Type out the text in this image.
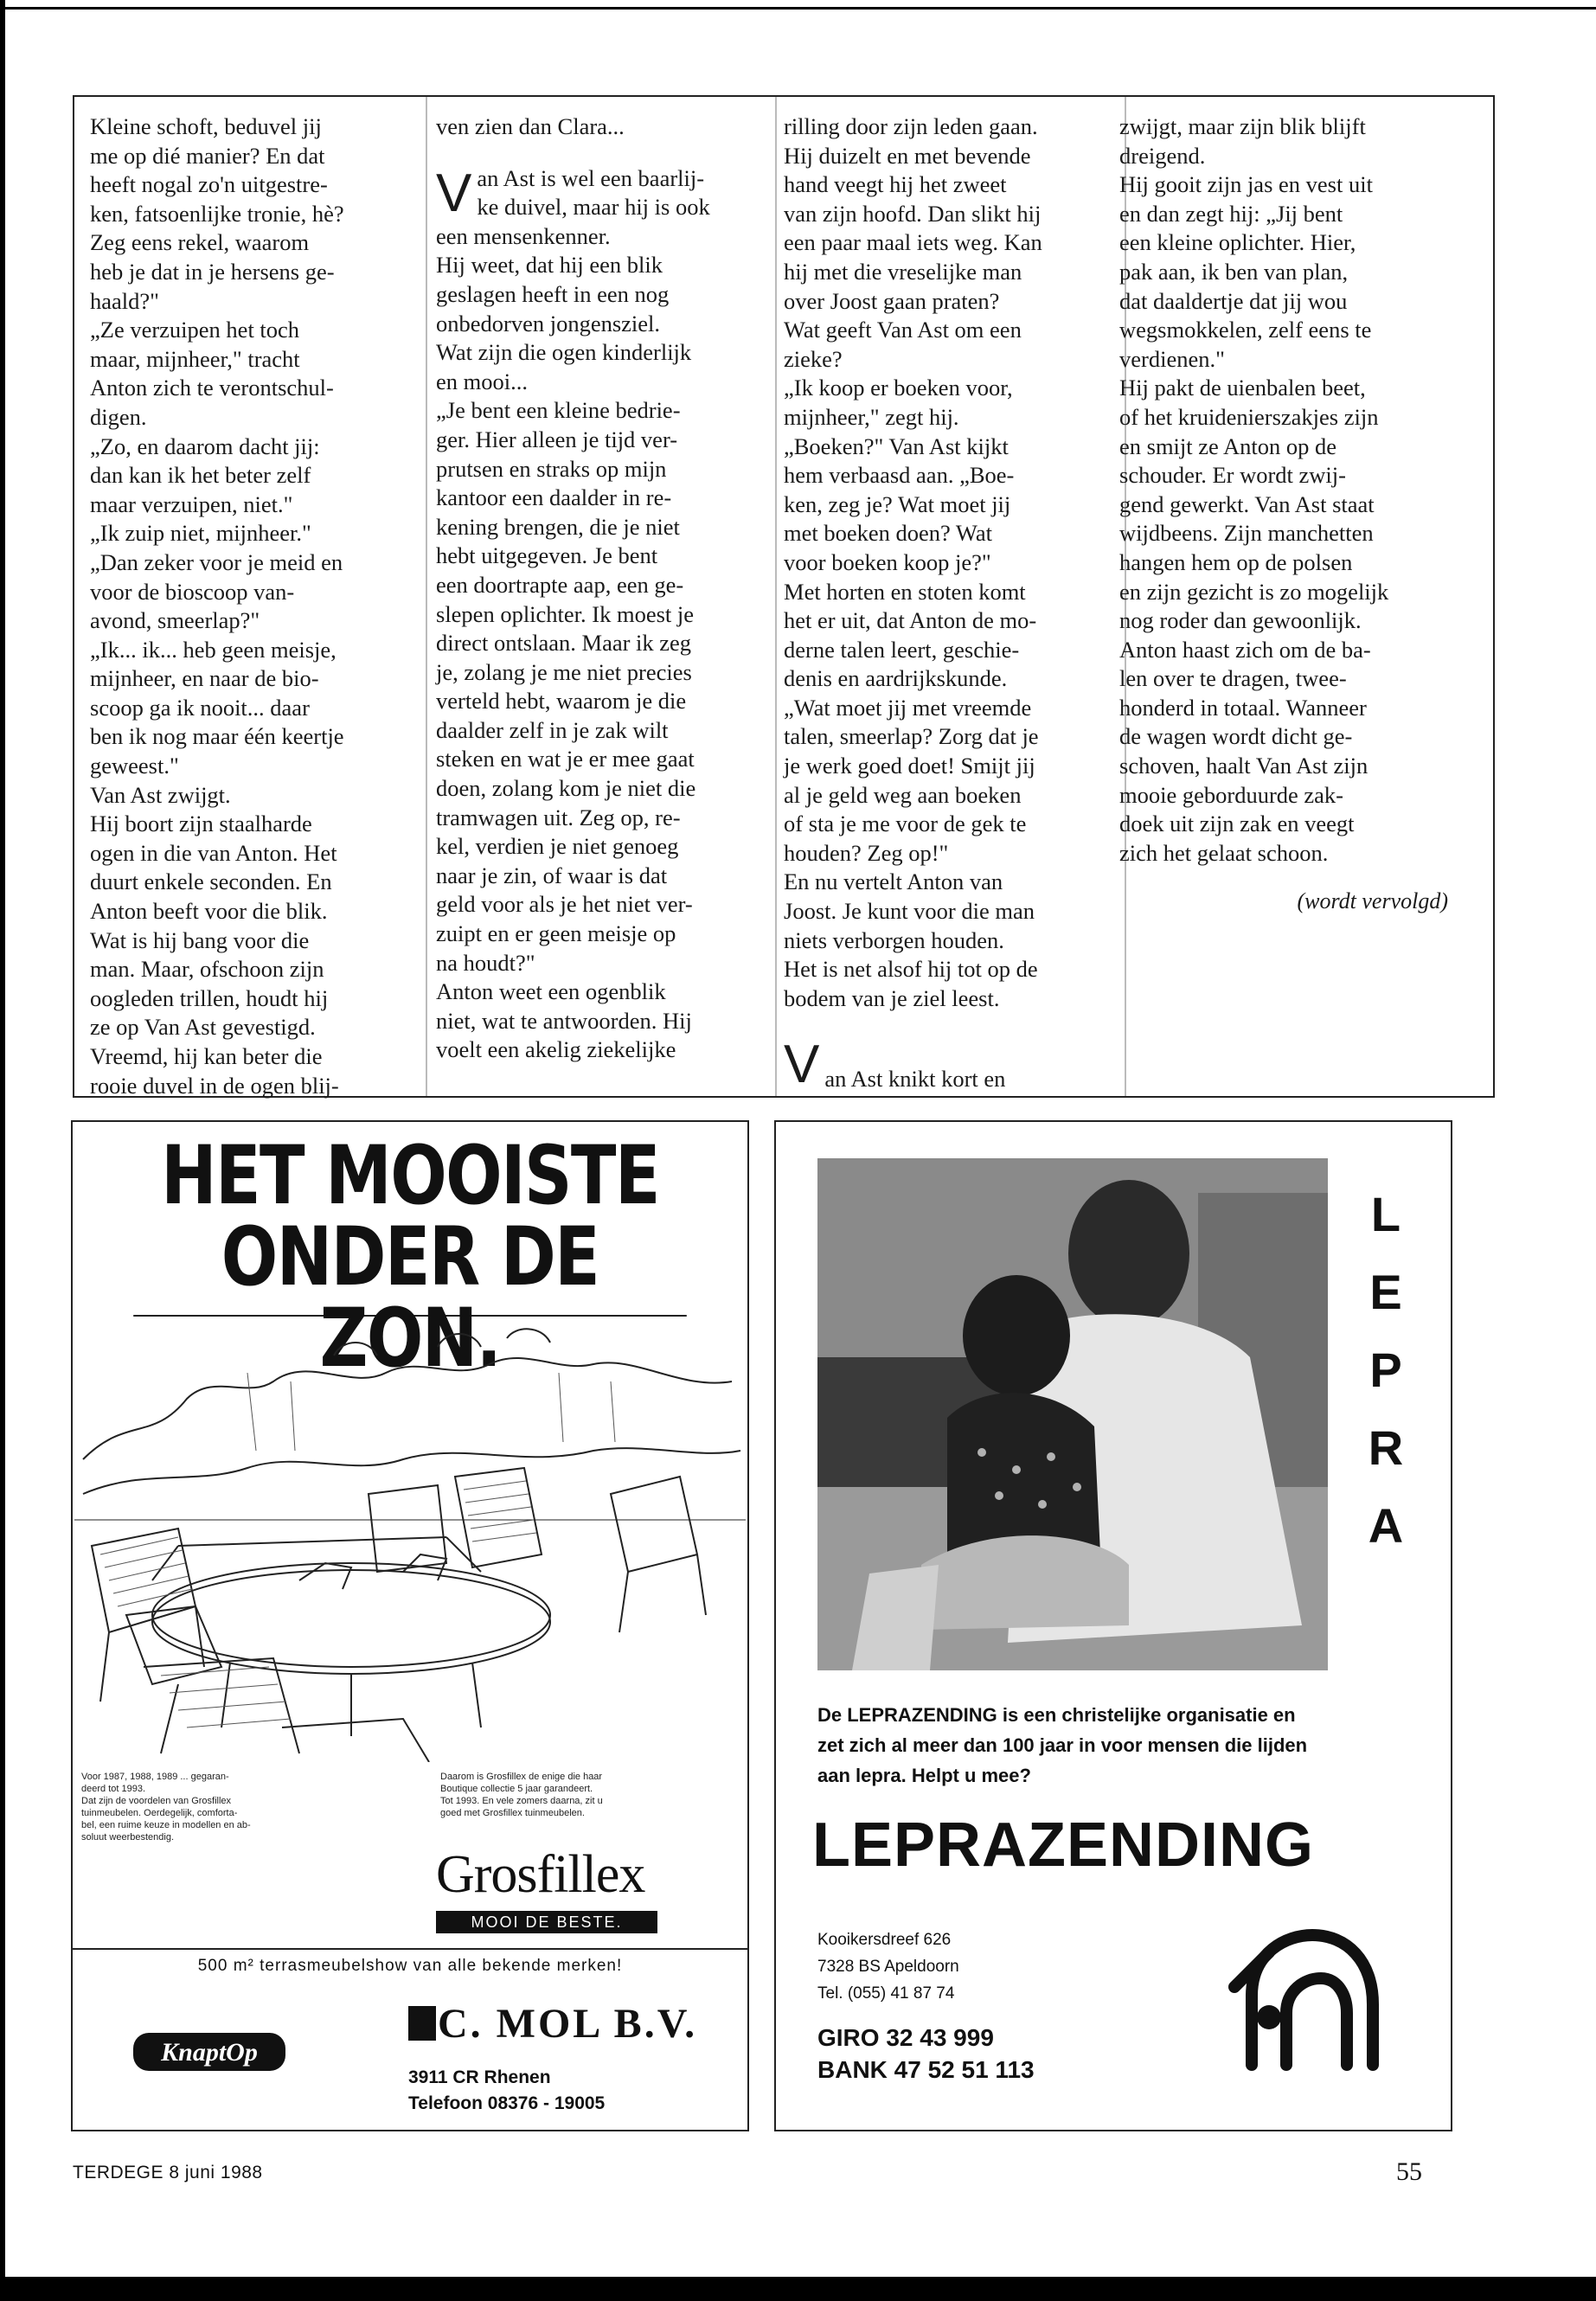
Kleine schoft, beduvel jij

me op dié manier? En dat

heeft nogal zo'n uitgestre-

ken, fatsoenlijke tronie, hè?

Zeg eens rekel, waarom

heb je dat in je hersens ge-

haald?"

„Ze verzuipen het toch

maar, mijnheer," tracht

Anton zich te verontschul-

digen.

„Zo, en daarom dacht jij:

dan kan ik het beter zelf

maar verzuipen, niet."

„Ik zuip niet, mijnheer."

„Dan zeker voor je meid en

voor de bioscoop van-

avond, smeerlap?"

„Ik... ik... heb geen meisje,

mijnheer, en naar de bio-

scoop ga ik nooit... daar

ben ik nog maar één keertje

geweest."

Van Ast zwijgt.

Hij boort zijn staalharde

ogen in die van Anton. Het

duurt enkele seconden. En

Anton beeft voor die blik.

Wat is hij bang voor die

man. Maar, ofschoon zijn

oogleden trillen, houdt hij

ze op Van Ast gevestigd.

Vreemd, hij kan beter die

rooie duvel in de ogen blij-

ven zien dan Clara...

Van Ast is wel een baarlij-
ke duivel, maar hij is ook

een mensenkenner.

Hij weet, dat hij een blik

geslagen heeft in een nog

onbedorven jongensziel.

Wat zijn die ogen kinderlijk

en mooi...

„Je bent een kleine bedrie-

ger. Hier alleen je tijd ver-

prutsen en straks op mijn

kantoor een daalder in re-

kening brengen, die je niet

hebt uitgegeven. Je bent

een doortrapte aap, een ge-

slepen oplichter. Ik moest je

direct ontslaan. Maar ik zeg

je, zolang je me niet precies

verteld hebt, waarom je die

daalder zelf in je zak wilt

steken en wat je er mee gaat

doen, zolang kom je niet die

tramwagen uit. Zeg op, re-

kel, verdien je niet genoeg

naar je zin, of waar is dat

geld voor als je het niet ver-

zuipt en er geen meisje op

na houdt?"

Anton weet een ogenblik

niet, wat te antwoorden. Hij

voelt een akelig ziekelijke

rilling door zijn leden gaan.

Hij duizelt en met bevende

hand veegt hij het zweet

van zijn hoofd. Dan slikt hij

een paar maal iets weg. Kan

hij met die vreselijke man

over Joost gaan praten?

Wat geeft Van Ast om een

zieke?

„Ik koop er boeken voor,

mijnheer," zegt hij.

„Boeken?" Van Ast kijkt

hem verbaasd aan. „Boe-

ken, zeg je? Wat moet jij

met boeken doen? Wat

voor boeken koop je?"

Met horten en stoten komt

het er uit, dat Anton de mo-

derne talen leert, geschie-

denis en aardrijkskunde.

„Wat moet jij met vreemde

talen, smeerlap? Zorg dat je

je werk goed doet! Smijt jij

al je geld weg aan boeken

of sta je me voor de gek te

houden? Zeg op!"

En nu vertelt Anton van

Joost. Je kunt voor die man

niets verborgen houden.

Het is net alsof hij tot op de

bodem van je ziel leest.

Van Ast knikt kort en

zwijgt, maar zijn blik blijft

dreigend.

Hij gooit zijn jas en vest uit

en dan zegt hij: „Jij bent

een kleine oplichter. Hier,

pak aan, ik ben van plan,

dat daaldertje dat jij wou

wegsmokkelen, zelf eens te

verdienen."

Hij pakt de uienbalen beet,

of het kruidenierszakjes zijn

en smijt ze Anton op de

schouder. Er wordt zwij-

gend gewerkt. Van Ast staat

wijdbeens. Zijn manchetten

hangen hem op de polsen

en zijn gezicht is zo mogelijk

nog roder dan gewoonlijk.

Anton haast zich om de ba-

len over te dragen, twee-

honderd in totaal. Wanneer

de wagen wordt dicht ge-

schoven, haalt Van Ast zijn

mooie geborduurde zak-

doek uit zijn zak en veegt

zich het gelaat schoon.

(wordt vervolgd)
HET MOOISTE
ONDER DE ZON.
Voor 1987, 1988, 1989 ... gegaran-
deerd tot 1993.
Dat zijn de voordelen van Grosfillex
tuinmeubelen. Oerdegelijk, comforta-
bel, een ruime keuze in modellen en ab-
soluut weerbestendig.
Daarom is Grosfillex de enige die haar
Boutique collectie 5 jaar garandeert.
Tot 1993. En vele zomers daarna, zit u
goed met Grosfillex tuinmeubelen.
Grosfillex
MOOI DE BESTE.
500 m² terrasmeubelshow van alle bekende merken!
KnaptOp
C. MOL B.V.
3911 CR Rhenen
Telefoon 08376 - 19005
L
E
P
R
A
De LEPRAZENDING is een christelijke organisatie en
zet zich al meer dan 100 jaar in voor mensen die lijden
aan lepra. Helpt u mee?
LEPRAZENDING
Kooikersdreef 626
7328 BS Apeldoorn
Tel. (055) 41 87 74
GIRO 32 43 999
BANK 47 52 51 113
TERDEGE 8 juni 1988	55
